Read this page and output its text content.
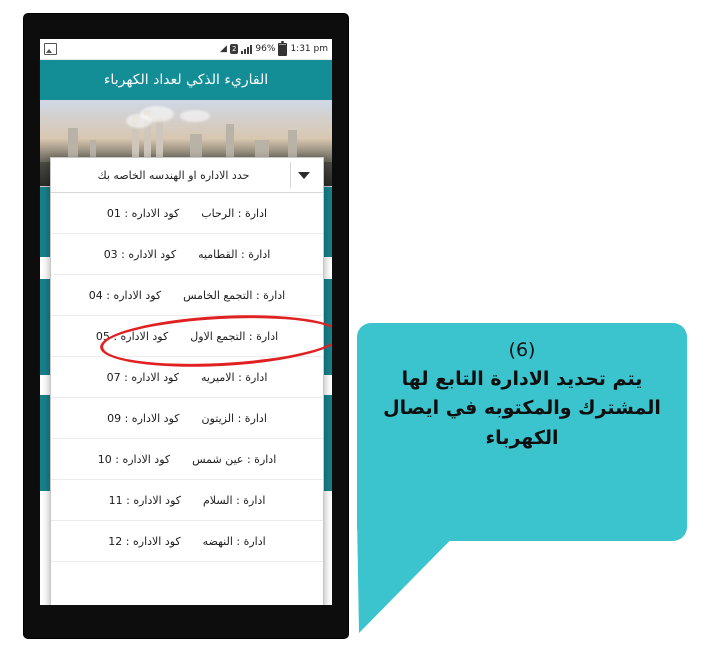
◢ 2 96% 1:31 pm
القاريء الذكي لعداد الكهرباء
حدد الاداره او الهندسه الخاصه بك
ادارة : الرحاب
كود الاداره : 01
ادارة : القطاميه
كود الاداره : 03
ادارة : التجمع الخامس
كود الاداره : 04
ادارة : التجمع الاول
كود الاداره : 05
ادارة : الاميريه
كود الاداره : 07
ادارة : الزيتون
كود الاداره : 09
ادارة : عين شمس
كود الاداره : 10
ادارة : السلام
كود الاداره : 11
ادارة : النهضه
كود الاداره : 12
(6)
يتم تحديد الادارة التابع لها المشترك والمكتوبه في ايصال الكهرباء
